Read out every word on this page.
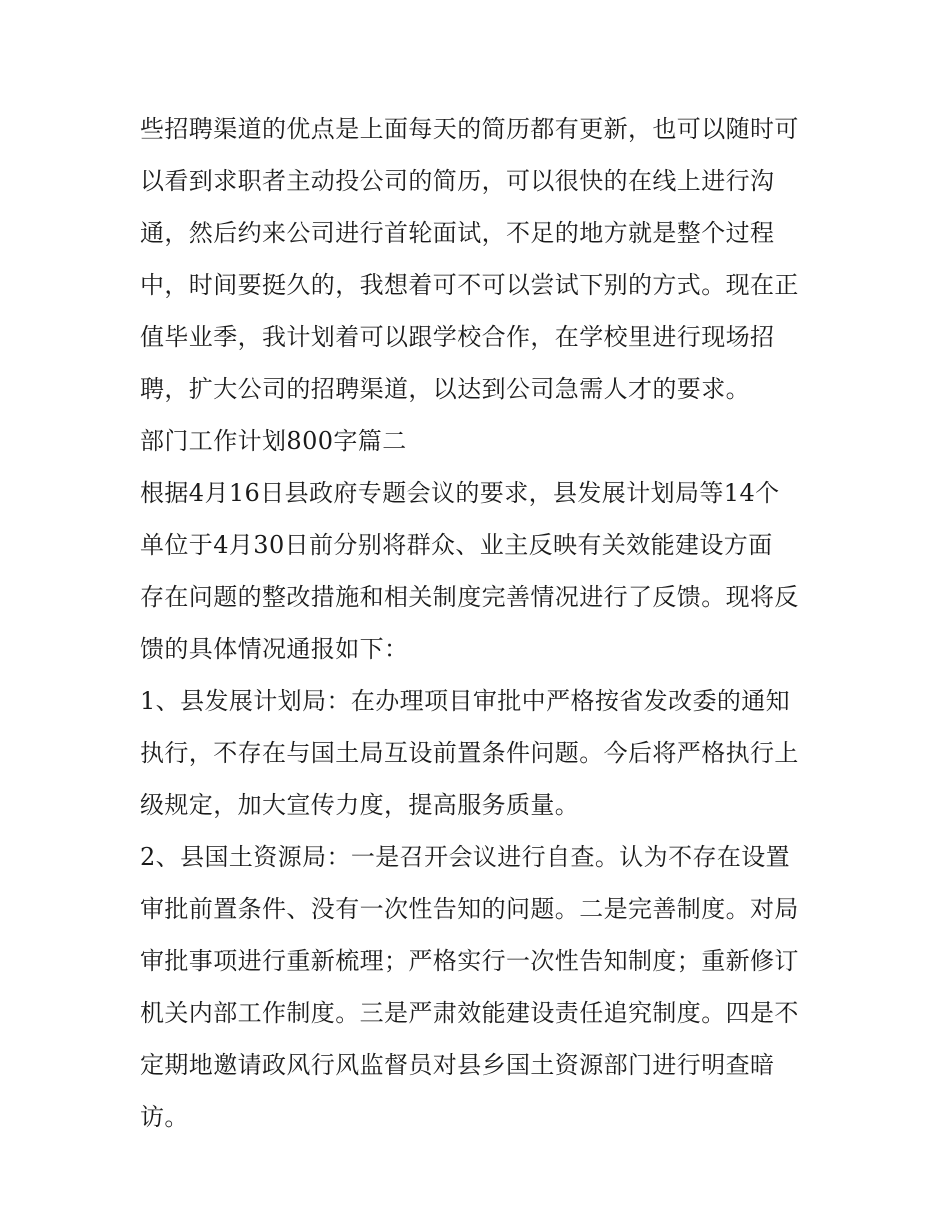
些招聘渠道的优点是上面每天的简历都有更新，也可以随时可
以看到求职者主动投公司的简历，可以很快的在线上进行沟
通，然后约来公司进行首轮面试，不足的地方就是整个过程
中，时间要挺久的，我想着可不可以尝试下别的方式。现在正
值毕业季，我计划着可以跟学校合作，在学校里进行现场招
聘，扩大公司的招聘渠道，以达到公司急需人才的要求。
部门工作计划800字篇二
根据4月16日县政府专题会议的要求，县发展计划局等14个
单位于4月30日前分别将群众、业主反映有关效能建设方面
存在问题的整改措施和相关制度完善情况进行了反馈。现将反
馈的具体情况通报如下：
1、县发展计划局：在办理项目审批中严格按省发改委的通知
执行，不存在与国土局互设前置条件问题。今后将严格执行上
级规定，加大宣传力度，提高服务质量。
2、县国土资源局：一是召开会议进行自查。认为不存在设置
审批前置条件、没有一次性告知的问题。二是完善制度。对局
审批事项进行重新梳理；严格实行一次性告知制度；重新修订
机关内部工作制度。三是严肃效能建设责任追究制度。四是不
定期地邀请政风行风监督员对县乡国土资源部门进行明查暗
访。
